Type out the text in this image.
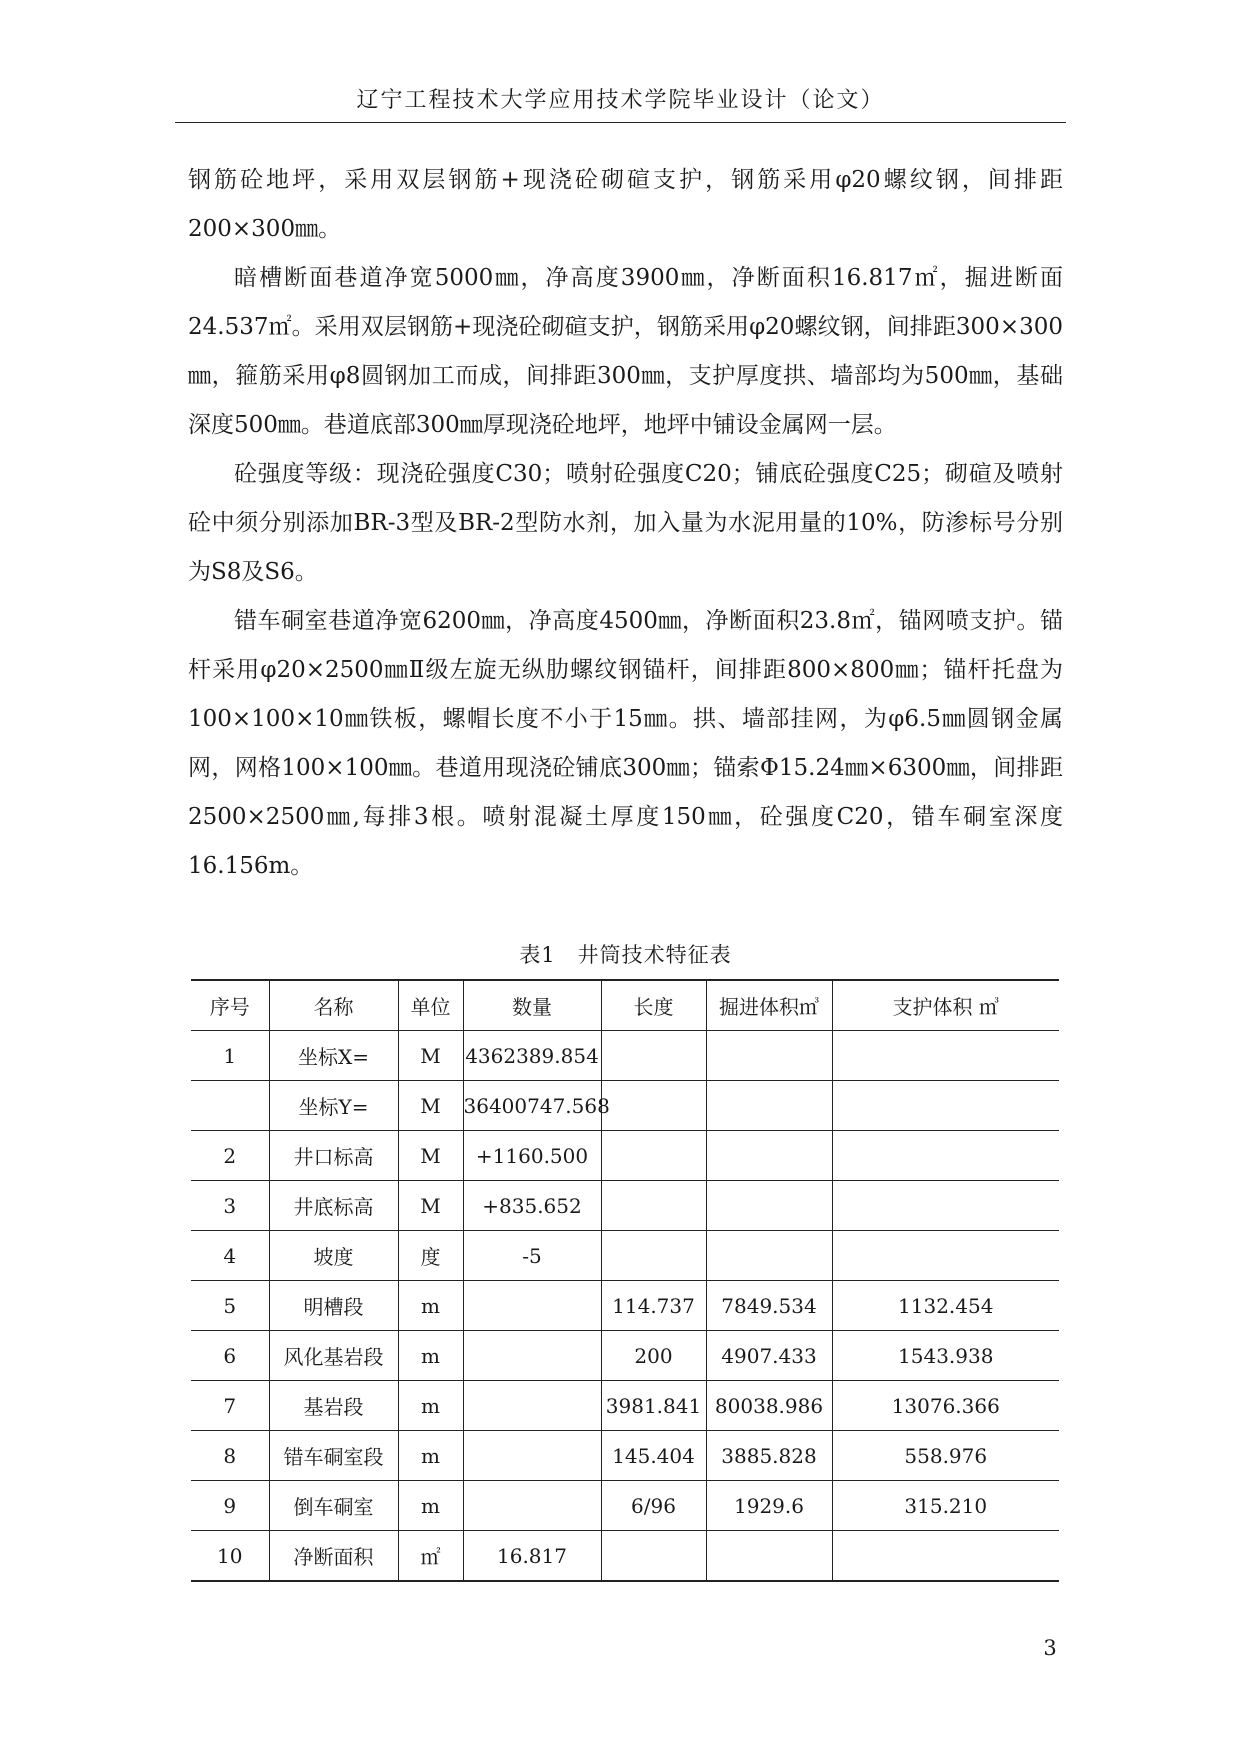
辽宁工程技术大学应用技术学院毕业设计（论文）

钢筋砼地坪，采用双层钢筋+现浇砼砌碹支护，钢筋采用φ20螺纹钢，间排距200×300㎜。

暗槽断面巷道净宽5000㎜，净高度3900㎜，净断面积16.817㎡，掘进断面24.537㎡。采用双层钢筋+现浇砼砌碹支护，钢筋采用φ20螺纹钢，间排距300×300㎜，箍筋采用φ8圆钢加工而成，间排距300㎜，支护厚度拱、墙部均为500㎜，基础深度500㎜。巷道底部300㎜厚现浇砼地坪，地坪中铺设金属网一层。

砼强度等级：现浇砼强度C30；喷射砼强度C20；铺底砼强度C25；砌碹及喷射砼中须分别添加BR-3型及BR-2型防水剂，加入量为水泥用量的10%，防渗标号分别为S8及S6。

错车硐室巷道净宽6200㎜，净高度4500㎜，净断面积23.8㎡，锚网喷支护。锚杆采用φ20×2500㎜Ⅱ级左旋无纵肋螺纹钢锚杆，间排距800×800㎜；锚杆托盘为100×100×10㎜铁板，螺帽长度不小于15㎜。拱、墙部挂网，为φ6.5㎜圆钢金属网，网格100×100㎜。巷道用现浇砼铺底300㎜；锚索Φ15.24㎜×6300㎜，间排距2500×2500㎜,每排3根。喷射混凝土厚度150㎜，砼强度C20，错车硐室深度16.156m。

表1　井筒技术特征表
序号	名称	单位	数量	长度	掘进体积㎥	支护体积 ㎥
1	坐标X=	M	4362389.854			
	坐标Y=	M	36400747.568			
2	井口标高	M	+1160.500			
3	井底标高	M	+835.652			
4	坡度	度	-5			
5	明槽段	m		114.737	7849.534	1132.454
6	风化基岩段	m		200	4907.433	1543.938
7	基岩段	m		3981.841	80038.986	13076.366
8	错车硐室段	m		145.404	3885.828	558.976
9	倒车硐室	m		6/96	1929.6	315.210
10	净断面积	㎡	16.817			
3
